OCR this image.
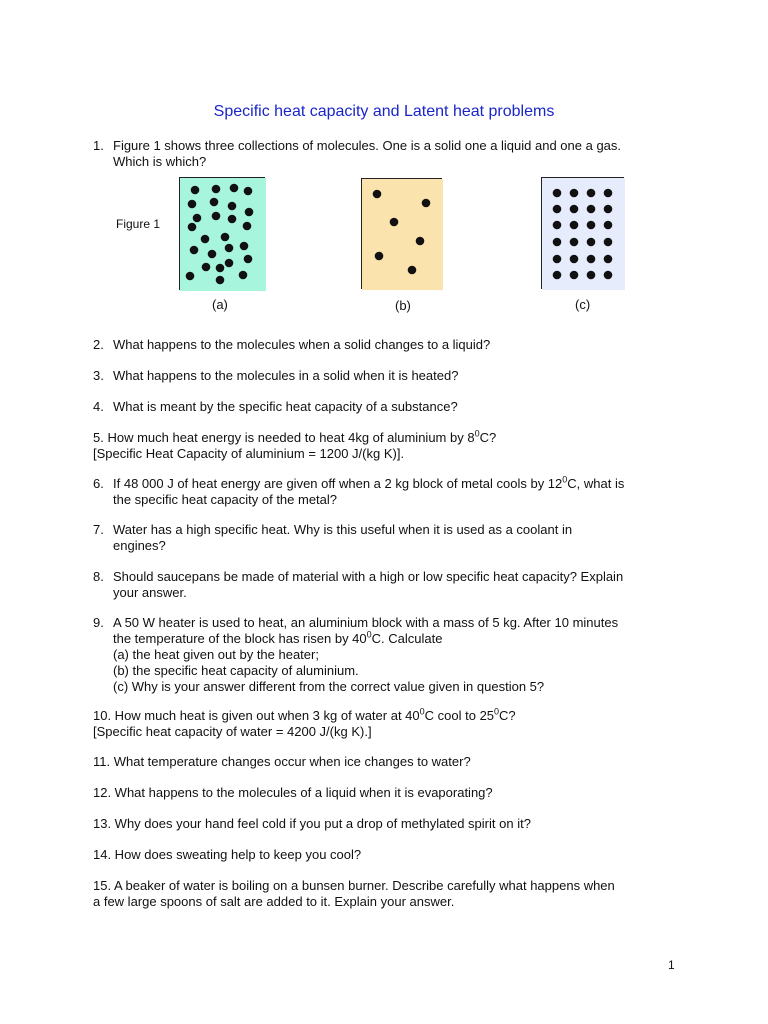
Specific heat capacity and Latent heat problems
1. Figure 1 shows three collections of molecules. One is a solid one a liquid and one a gas.
Which is which?
Figure 1
(a)	(b)	(c)
2. What happens to the molecules when a solid changes to a liquid?
3. What happens to the molecules in a solid when it is heated?
4. What is meant by the specific heat capacity of a substance?
5. How much heat energy is needed to heat 4kg of aluminium by $8^0C$?
[Specific Heat Capacity of aluminium = 1200 J/(kg K)].
6. If 48 000 J of heat energy are given off when a 2 kg block of metal cools by $12^0C$, what is
the specific heat capacity of the metal?
7. Water has a high specific heat. Why is this useful when it is used as a coolant in
engines?
8. Should saucepans be made of material with a high or low specific heat capacity? Explain
your answer.
9. A 50 W heater is used to heat, an aluminium block with a mass of 5 kg. After 10 minutes
the temperature of the block has risen by $40^0C$. Calculate
(a) the heat given out by the heater;
(b) the specific heat capacity of aluminium.
(c) Why is your answer different from the correct value given in question 5?
10. How much heat is given out when 3 kg of water at $40^0C$ cool to $25^0C$?
[Specific heat capacity of water = 4200 J/(kg K).]
11. What temperature changes occur when ice changes to water?
12. What happens to the molecules of a liquid when it is evaporating?
13. Why does your hand feel cold if you put a drop of methylated spirit on it?
14. How does sweating help to keep you cool?
15. A beaker of water is boiling on a bunsen burner. Describe carefully what happens when
a few large spoons of salt are added to it. Explain your answer.
1
